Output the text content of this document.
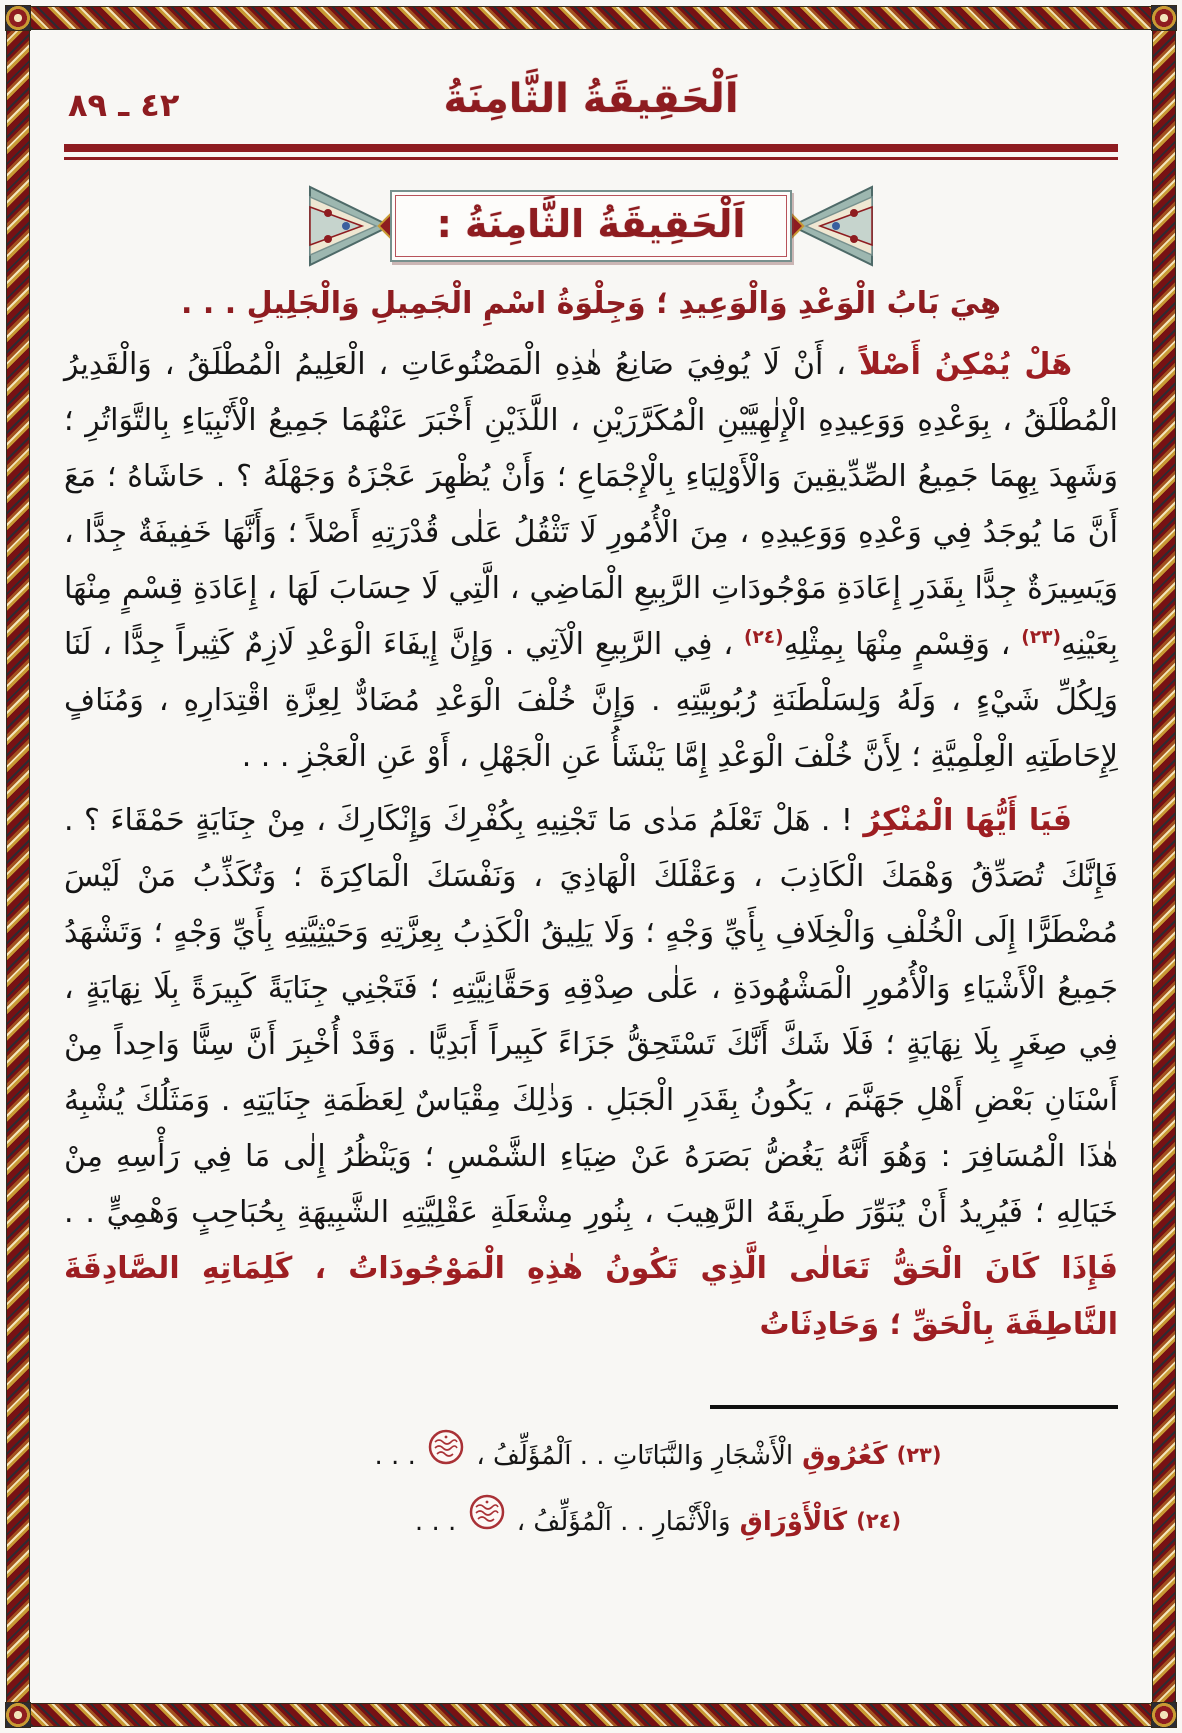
٤٢ ـ ٨٩	اَلْحَقِيقَةُ الثَّامِنَةُ
اَلْحَقِيقَةُ الثَّامِنَةُ :

هِيَ بَابُ الْوَعْدِ وَالْوَعِيدِ ؛ وَجِلْوَةُ اسْمِ الْجَمِيلِ وَالْجَلِيلِ . . .

هَلْ يُمْكِنُ أَصْلاً ، أَنْ لَا يُوفِيَ صَانِعُ هٰذِهِ الْمَصْنُوعَاتِ ، الْعَلِيمُ الْمُطْلَقُ ، وَالْقَدِيرُ الْمُطْلَقُ ، بِوَعْدِهِ وَوَعِيدِهِ الْإِلٰهِيَّيْنِ الْمُكَرَّرَيْنِ ، اللَّذَيْنِ أَخْبَرَ عَنْهُمَا جَمِيعُ الْأَنْبِيَاءِ بِالتَّوَاتُرِ ؛ وَشَهِدَ بِهِمَا جَمِيعُ الصِّدِّيقِينَ وَالْأَوْلِيَاءِ بِالْإِجْمَاعِ ؛ وَأَنْ يُظْهِرَ عَجْزَهُ وَجَهْلَهُ ؟ . حَاشَاهُ ؛ مَعَ أَنَّ مَا يُوجَدُ فِي وَعْدِهِ وَوَعِيدِهِ ، مِنَ الْأُمُورِ لَا تَثْقُلُ عَلٰى قُدْرَتِهِ أَصْلاً ؛ وَأَنَّهَا خَفِيفَةٌ جِدًّا ، وَيَسِيرَةٌ جِدًّا بِقَدَرِ إِعَادَةِ مَوْجُودَاتِ الرَّبِيعِ الْمَاضِي ، الَّتِي لَا حِسَابَ لَهَا ، إِعَادَةِ قِسْمٍ مِنْهَا بِعَيْنِهِ$^{(٢٣)}$ ، وَقِسْمٍ مِنْهَا بِمِثْلِهِ$^{(٢٤)}$ ، فِي الرَّبِيعِ الْآتِي . وَإِنَّ إِيفَاءَ الْوَعْدِ لَازِمٌ كَثِيراً جِدًّا ، لَنَا وَلِكُلِّ شَيْءٍ ، وَلَهُ وَلِسَلْطَنَةِ رُبُوبِيَّتِهِ . وَإِنَّ خُلْفَ الْوَعْدِ مُضَادٌّ لِعِزَّةِ اقْتِدَارِهِ ، وَمُنَافٍ لِإِحَاطَتِهِ الْعِلْمِيَّةِ ؛ لِأَنَّ خُلْفَ الْوَعْدِ إِمَّا يَنْشَأُ عَنِ الْجَهْلِ ، أَوْ عَنِ الْعَجْزِ . . .

فَيَا أَيُّهَا الْمُنْكِرُ ! . هَلْ تَعْلَمُ مَدٰى مَا تَجْنِيهِ بِكُفْرِكَ وَإِنْكَارِكَ ، مِنْ جِنَايَةٍ حَمْقَاءَ ؟ . فَإِنَّكَ تُصَدِّقُ وَهْمَكَ الْكَاذِبَ ، وَعَقْلَكَ الْهَاذِيَ ، وَنَفْسَكَ الْمَاكِرَةَ ؛ وَتُكَذِّبُ مَنْ لَيْسَ مُضْطَرًّا إِلَى الْخُلْفِ وَالْخِلَافِ بِأَيِّ وَجْهٍ ؛ وَلَا يَلِيقُ الْكَذِبُ بِعِزَّتِهِ وَحَيْثِيَّتِهِ بِأَيِّ وَجْهٍ ؛ وَتَشْهَدُ جَمِيعُ الْأَشْيَاءِ وَالْأُمُورِ الْمَشْهُودَةِ ، عَلٰى صِدْقِهِ وَحَقَّانِيَّتِهِ ؛ فَتَجْنِي جِنَايَةً كَبِيرَةً بِلَا نِهَايَةٍ ، فِي صِغَرٍ بِلَا نِهَايَةٍ ؛ فَلَا شَكَّ أَنَّكَ تَسْتَحِقُّ جَزَاءً كَبِيراً أَبَدِيًّا . وَقَدْ أُخْبِرَ أَنَّ سِنًّا وَاحِداً مِنْ أَسْنَانِ بَعْضِ أَهْلِ جَهَنَّمَ ، يَكُونُ بِقَدَرِ الْجَبَلِ . وَذٰلِكَ مِقْيَاسٌ لِعَظَمَةِ جِنَايَتِهِ . وَمَثَلُكَ يُشْبِهُ هٰذَا الْمُسَافِرَ : وَهُوَ أَنَّهُ يَغُضُّ بَصَرَهُ عَنْ ضِيَاءِ الشَّمْسِ ؛ وَيَنْظُرُ إِلٰى مَا فِي رَأْسِهِ مِنْ خَيَالِهِ ؛ فَيُرِيدُ أَنْ يُنَوِّرَ طَرِيقَهُ الرَّهِيبَ ، بِنُورِ مِشْعَلَةِ عَقْلِيَّتِهِ الشَّبِيهَةِ بِحُبَاحِبٍ وَهْمِيٍّ . . فَإِذَا كَانَ الْحَقُّ تَعَالٰى الَّذِي تَكُونُ هٰذِهِ الْمَوْجُودَاتُ ، كَلِمَاتِهِ الصَّادِقَةَ النَّاطِقَةَ بِالْحَقِّ ؛ وَحَادِثَاتُ

(٢٣) كَعُرُوقِ الْأَشْجَارِ وَالنَّبَاتَاتِ . . اَلْمُؤَلِّفُ ،  . . .
(٢٤) كَالْأَوْرَاقِ وَالْأَثْمَارِ . . اَلْمُؤَلِّفُ ،  . . .
